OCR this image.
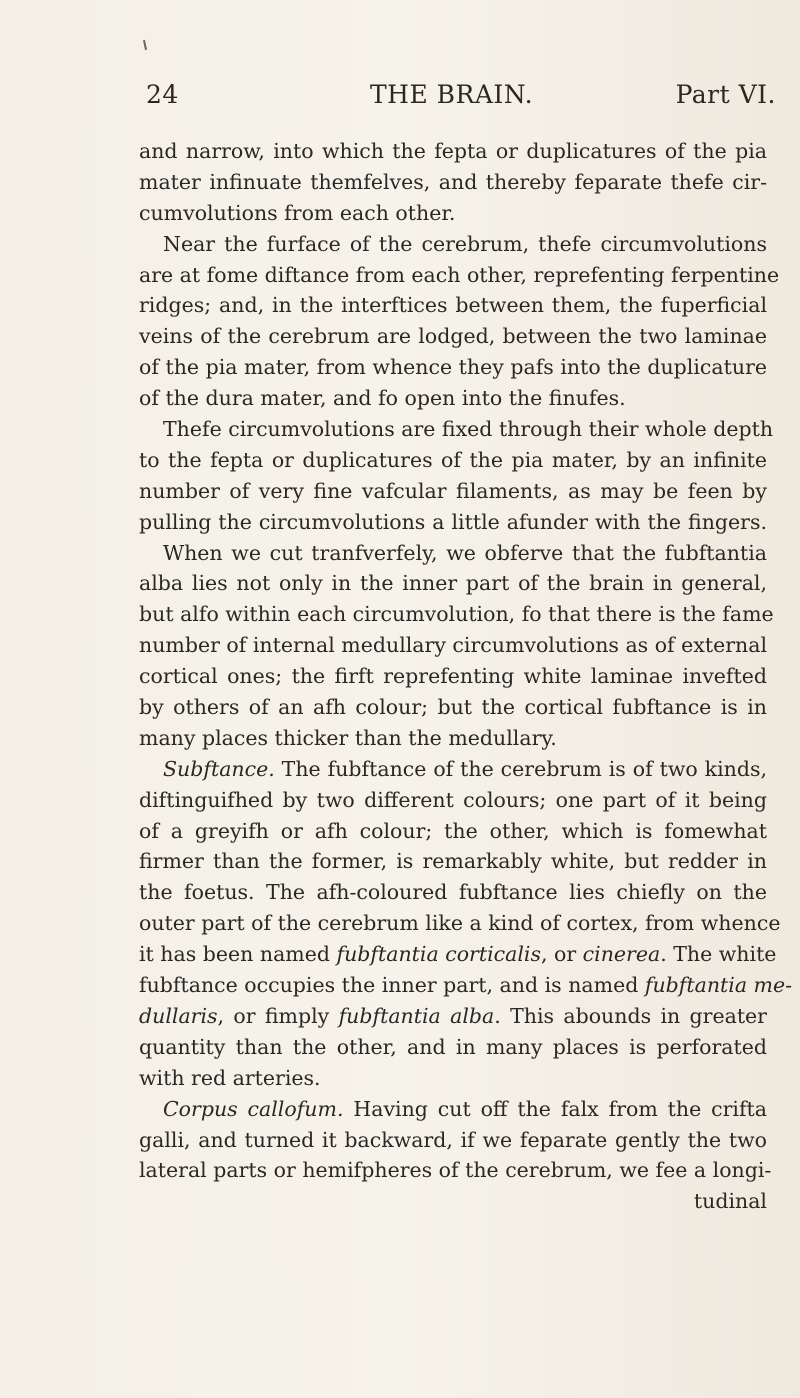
24	THE BRAIN.	Part VI.
and narrow, into which the fepta or duplicatures of the pia
mater infinuate themfelves, and thereby feparate thefe cir-
cumvolutions from each other.
Near the furface of the cerebrum, thefe circumvolutions
are at fome diftance from each other, reprefenting ferpentine
ridges; and, in the interftices between them, the fuperficial
veins of the cerebrum are lodged, between the two laminae
of the pia mater, from whence they pafs into the duplicature
of the dura mater, and fo open into the finufes.
Thefe circumvolutions are fixed through their whole depth
to the fepta or duplicatures of the pia mater, by an infinite
number of very fine vafcular filaments, as may be feen by
pulling the circumvolutions a little afunder with the fingers.
When we cut tranfverfely, we obferve that the fubftantia
alba lies not only in the inner part of the brain in general,
but alfo within each circumvolution, fo that there is the fame
number of internal medullary circumvolutions as of external
cortical ones; the firft reprefenting white laminae invefted
by others of an afh colour; but the cortical fubftance is in
many places thicker than the medullary.
Subftance. The fubftance of the cerebrum is of two kinds,
diftinguifhed by two different colours; one part of it being
of a greyifh or afh colour; the other, which is fomewhat
firmer than the former, is remarkably white, but redder in
the foetus. The afh-coloured fubftance lies chiefly on the
outer part of the cerebrum like a kind of cortex, from whence
it has been named fubftantia corticalis, or cinerea. The white
fubftance occupies the inner part, and is named fubftantia me-
dullaris, or fimply fubftantia alba. This abounds in greater
quantity than the other, and in many places is perforated
with red arteries.
Corpus callofum. Having cut off the falx from the crifta
galli, and turned it backward, if we feparate gently the two
lateral parts or hemifpheres of the cerebrum, we fee a longi-
tudinal
